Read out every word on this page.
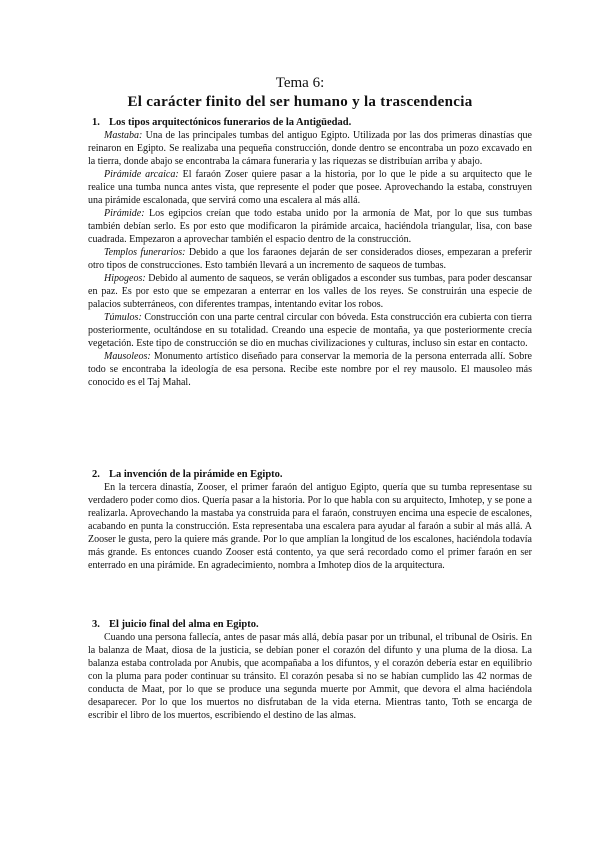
Tema 6:
El carácter finito del ser humano y la trascendencia
1. Los tipos arquitectónicos funerarios de la Antigüedad.

Mastaba: Una de las principales tumbas del antiguo Egipto. Utilizada por las dos primeras dinastías que reinaron en Egipto. Se realizaba una pequeña construcción, donde dentro se encontraba un pozo excavado en la tierra, donde abajo se encontraba la cámara funeraria y las riquezas se distribuían arriba y abajo.

Pirámide arcaica: El faraón Zoser quiere pasar a la historia, por lo que le pide a su arquitecto que le realice una tumba nunca antes vista, que represente el poder que posee. Aprovechando la estaba, construyen una pirámide escalonada, que servirá como una escalera al más allá.

Pirámide: Los egipcios creían que todo estaba unido por la armonía de Mat, por lo que sus tumbas también debían serlo. Es por esto que modificaron la pirámide arcaica, haciéndola triangular, lisa, con base cuadrada. Empezaron a aprovechar también el espacio dentro de la construcción.

Templos funerarios: Debido a que los faraones dejarán de ser considerados dioses, empezaran a preferir otro tipos de construcciones. Esto también llevará a un incremento de saqueos de tumbas.

Hipogeos: Debido al aumento de saqueos, se verán obligados a esconder sus tumbas, para poder descansar en paz. Es por esto que se empezaran a enterrar en los valles de los reyes. Se construirán una especie de palacios subterráneos, con diferentes trampas, intentando evitar los robos.

Túmulos: Construcción con una parte central circular con bóveda. Esta construcción era cubierta con tierra posteriormente, ocultándose en su totalidad. Creando una especie de montaña, ya que posteriormente crecía vegetación. Este tipo de construcción se dio en muchas civilizaciones y culturas, incluso sin estar en contacto.

Mausoleos: Monumento artístico diseñado para conservar la memoria de la persona enterrada allí. Sobre todo se encontraba la ideología de esa persona. Recibe este nombre por el rey mausolo. El mausoleo más conocido es el Taj Mahal.

2. La invención de la pirámide en Egipto.

En la tercera dinastía, Zooser, el primer faraón del antiguo Egipto, quería que su tumba representase su verdadero poder como dios. Quería pasar a la historia. Por lo que habla con su arquitecto, Imhotep, y se pone a realizarla. Aprovechando la mastaba ya construida para el faraón, construyen encima una especie de escalones, acabando en punta la construcción. Esta representaba una escalera para ayudar al faraón a subir al más allá. A Zooser le gusta, pero la quiere más grande. Por lo que amplían la longitud de los escalones, haciéndola todavía más grande. Es entonces cuando Zooser está contento, ya que será recordado como el primer faraón en ser enterrado en una pirámide. En agradecimiento, nombra a Imhotep dios de la arquitectura.

3. El juicio final del alma en Egipto.

Cuando una persona fallecía, antes de pasar más allá, debía pasar por un tribunal, el tribunal de Osiris. En la balanza de Maat, diosa de la justicia, se debían poner el corazón del difunto y una pluma de la diosa. La balanza estaba controlada por Anubis, que acompañaba a los difuntos, y el corazón debería estar en equilibrio con la pluma para poder continuar su tránsito. El corazón pesaba si no se habían cumplido las 42 normas de conducta de Maat, por lo que se produce una segunda muerte por Ammit, que devora el alma haciéndola desaparecer. Por lo que los muertos no disfrutaban de la vida eterna. Mientras tanto, Toth se encarga de escribir el libro de los muertos, escribiendo el destino de las almas.
